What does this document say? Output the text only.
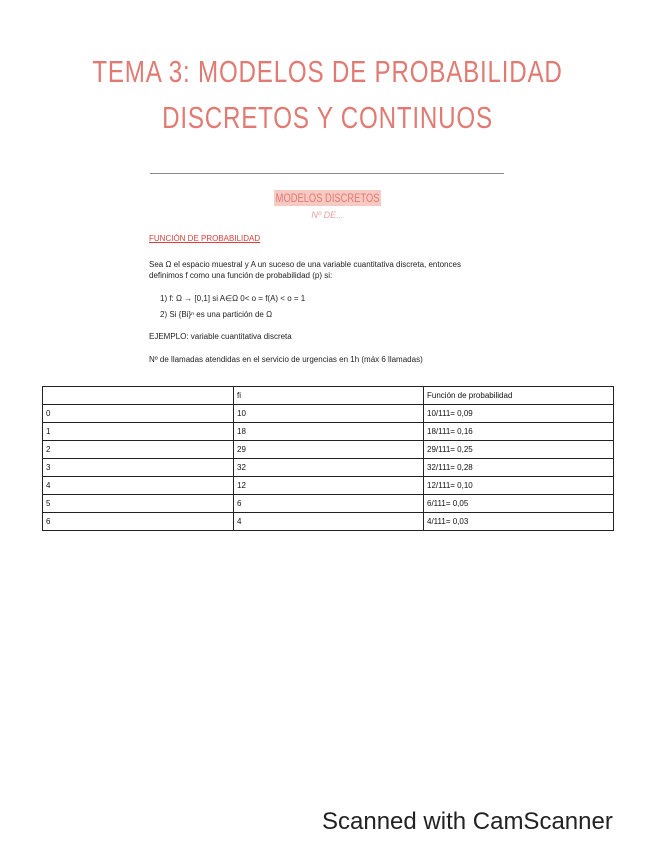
TEMA 3: MODELOS DE PROBABILIDAD
DISCRETOS Y CONTINUOS
MODELOS DISCRETOS
Nº DE...
FUNCIÓN DE PROBABILIDAD
Sea Ω el espacio muestral y A un suceso de una variable cuantitativa discreta, entonces
definimos f como una función de probabilidad (p) si:
1) f: Ω → [0,1] si A∈Ω 0< o = f(A) < o = 1
2) Si {Bi}ⁿ es una partición de Ω
EJEMPLO: variable cuantitativa discreta
Nº de llamadas atendidas en el servicio de urgencias en 1h (máx 6 llamadas)
	fi	Función de probabilidad
0	10	10/111= 0,09
1	18	18/111= 0,16
2	29	29/111= 0,25
3	32	32/111= 0,28
4	12	12/111= 0,10
5	6	6/111= 0,05
6	4	4/111= 0,03
Scanned with CamScanner
